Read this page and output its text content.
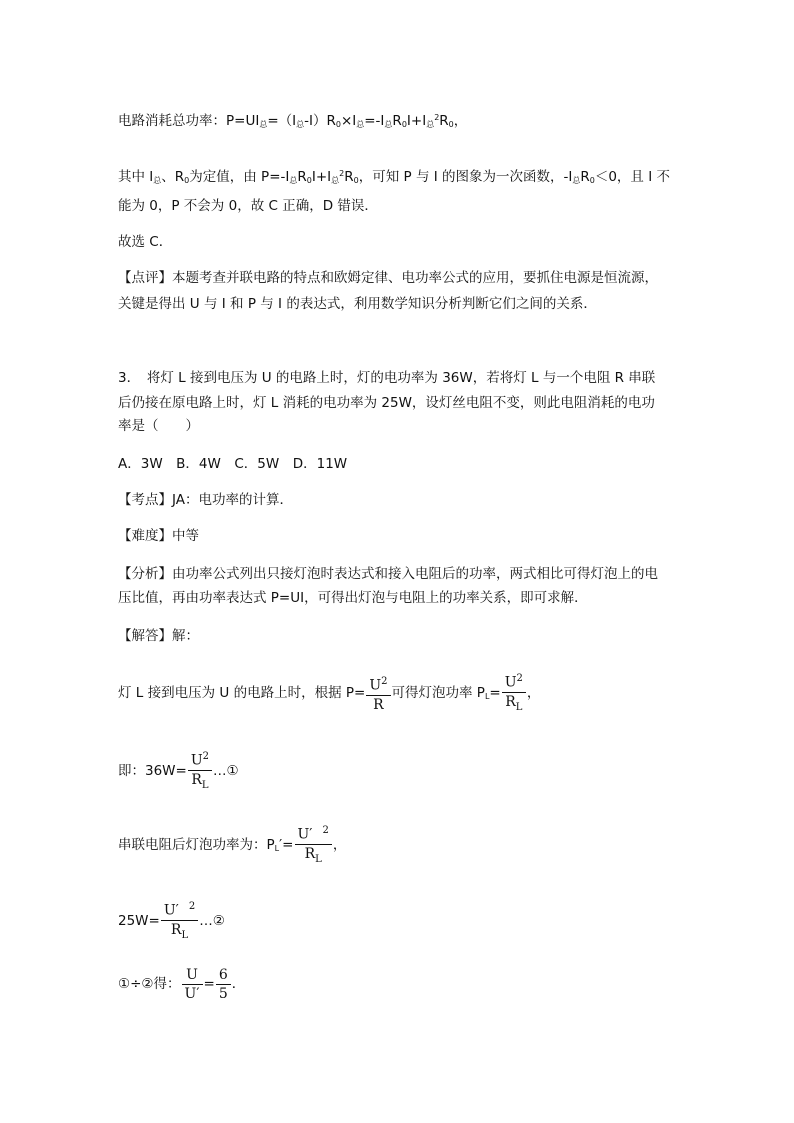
电路消耗总功率：$P=UI_总=(I_总-I)R_0\times I_总=-I_总R_0I+I_总^2R_0$，
其中 $I_总$、$R_0$为定值，由 $P=-I_总R_0I+I_总^2R_0$，可知 P 与 I 的图象为一次函数，$-I_总R_0<0$，且 I 不
能为 0，P 不会为 0，故 C 正确，D 错误．
故选 C．
【点评】本题考查并联电路的特点和欧姆定律、电功率公式的应用，要抓住电源是恒流源，
关键是得出 U 与 I 和 P 与 I 的表达式，利用数学知识分析判断它们之间的关系．
3．　将灯 L 接到电压为 U 的电路上时，灯的电功率为 36W，若将灯 L 与一个电阻 R 串联
后仍接在原电路上时，灯 L 消耗的电功率为 25W，设灯丝电阻不变，则此电阻消耗的电功
率是（　　）
A．3W　B．4W　C．5W　D．11W
【考点】JA：电功率的计算．
【难度】中等
【分析】由功率公式列出只接灯泡时表达式和接入电阻后的功率，两式相比可得灯泡上的电
压比值，再由功率表达式 P=UI，可得出灯泡与电阻上的功率关系，即可求解．
【解答】解：
灯 L 接到电压为 U 的电路上时，根据 $P= \frac{U^2}{R}$ 可得灯泡功率 $P_L= \frac{U^2}{R_L}$ ，
即：$36W= \frac{U^2}{R_L}$ …①
串联电阻后灯泡功率为：$P_L'= \frac{U' ^2}{R_L}$ ，
$25W= \frac{U' ^2}{R_L}$ …②
①÷②得： $\frac{U}{U'} = \frac{6}{5}$ ．
